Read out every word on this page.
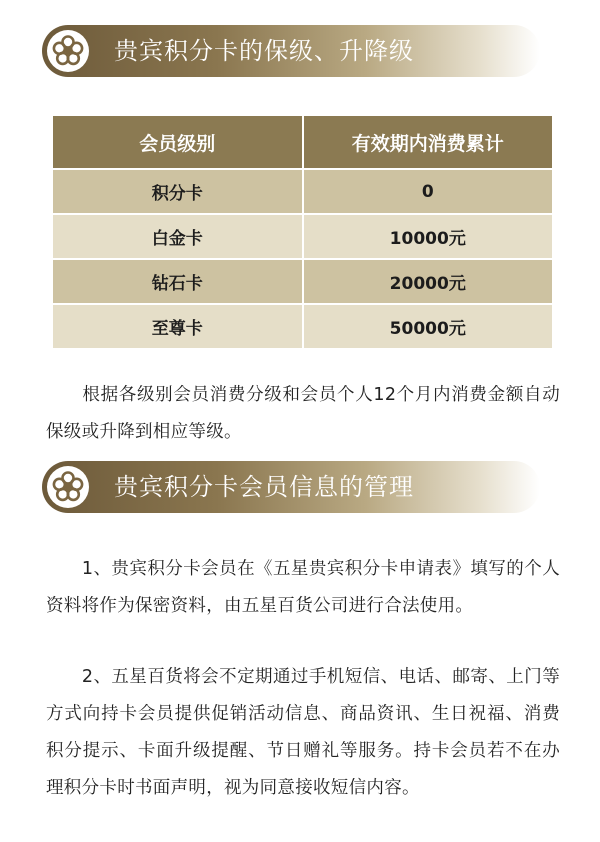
贵宾积分卡的保级、升降级
会员级别	有效期内消费累计
积分卡	0
白金卡	10000元
钻石卡	20000元
至尊卡	50000元

　　根据各级别会员消费分级和会员个人12个月内消费金额自动保级或升降到相应等级。

贵宾积分卡会员信息的管理

　　1、贵宾积分卡会员在《五星贵宾积分卡申请表》填写的个人资料将作为保密资料，由五星百货公司进行合法使用。

　　2、五星百货将会不定期通过手机短信、电话、邮寄、上门等方式向持卡会员提供促销活动信息、商品资讯、生日祝福、消费积分提示、卡面升级提醒、节日赠礼等服务。持卡会员若不在办理积分卡时书面声明，视为同意接收短信内容。
